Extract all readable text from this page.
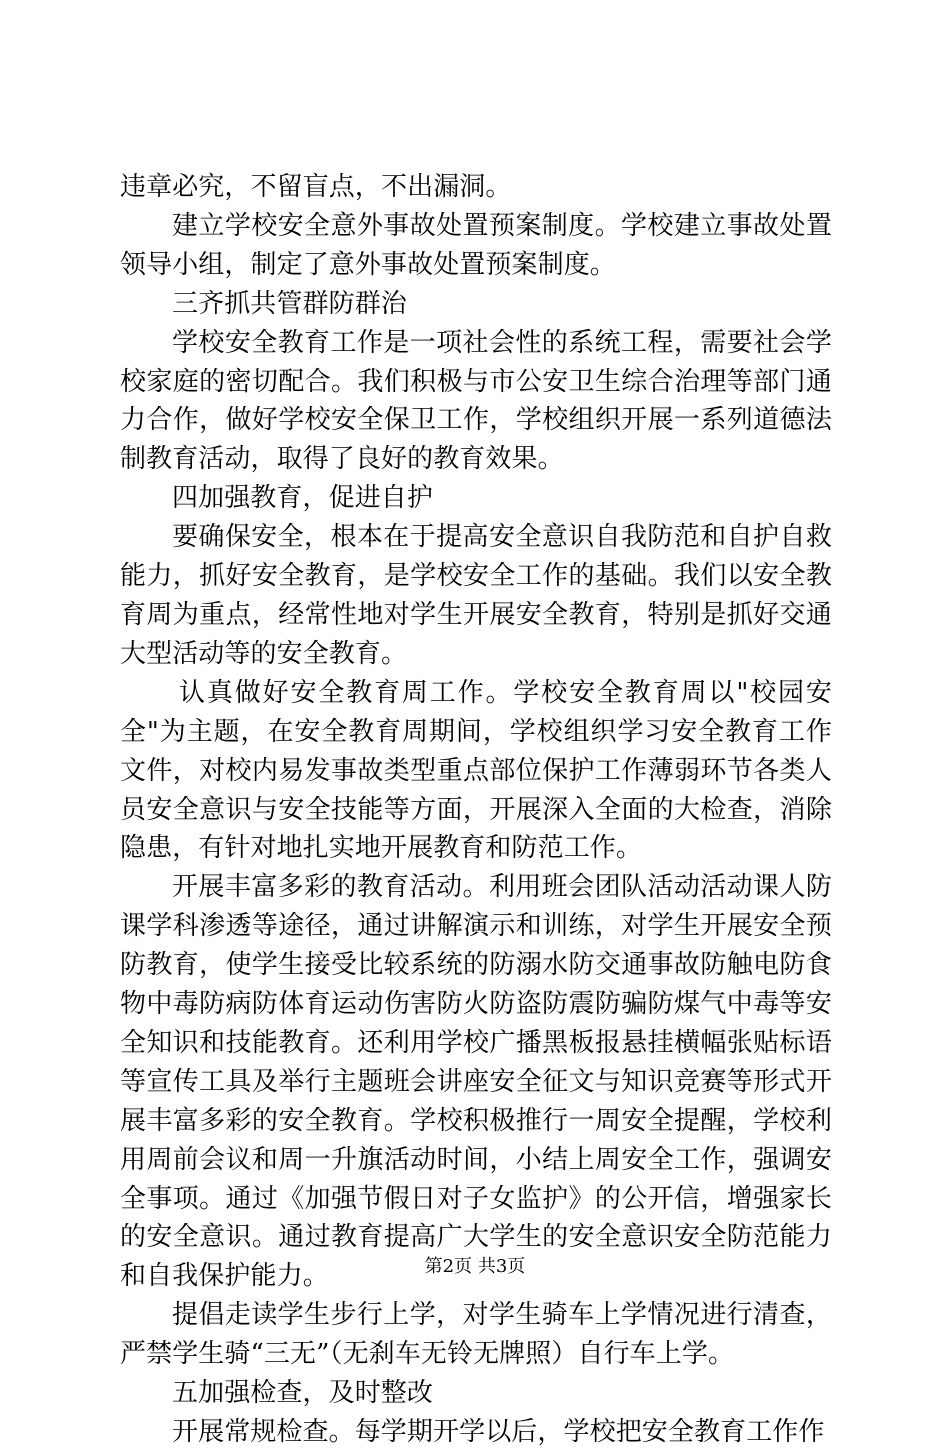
违章必究，不留盲点，不出漏洞。

建立学校安全意外事故处置预案制度。学校建立事故处置领导小组，制定了意外事故处置预案制度。

三齐抓共管群防群治

学校安全教育工作是一项社会性的系统工程，需要社会学校家庭的密切配合。我们积极与市公安卫生综合治理等部门通力合作，做好学校安全保卫工作，学校组织开展一系列道德法制教育活动，取得了良好的教育效果。

四加强教育，促进自护

要确保安全，根本在于提高安全意识自我防范和自护自救能力，抓好安全教育，是学校安全工作的基础。我们以安全教育周为重点，经常性地对学生开展安全教育，特别是抓好交通大型活动等的安全教育。

认真做好安全教育周工作。学校安全教育周以"校园安全"为主题，在安全教育周期间，学校组织学习安全教育工作文件，对校内易发事故类型重点部位保护工作薄弱环节各类人员安全意识与安全技能等方面，开展深入全面的大检查，消除隐患，有针对地扎实地开展教育和防范工作。

开展丰富多彩的教育活动。利用班会团队活动活动课人防课学科渗透等途径，通过讲解演示和训练，对学生开展安全预防教育，使学生接受比较系统的防溺水防交通事故防触电防食物中毒防病防体育运动伤害防火防盗防震防骗防煤气中毒等安全知识和技能教育。还利用学校广播黑板报悬挂横幅张贴标语等宣传工具及举行主题班会讲座安全征文与知识竞赛等形式开展丰富多彩的安全教育。学校积极推行一周安全提醒，学校利用周前会议和周一升旗活动时间，小结上周安全工作，强调安全事项。通过《加强节假日对子女监护》的公开信，增强家长的安全意识。通过教育提高广大学生的安全意识安全防范能力和自我保护能力。

提倡走读学生步行上学，对学生骑车上学情况进行清查，严禁学生骑“三无”（无刹车无铃无牌照）自行车上学。

五加强检查，及时整改

开展常规检查。每学期开学以后，学校把安全教育工作作

第2页 共3页
